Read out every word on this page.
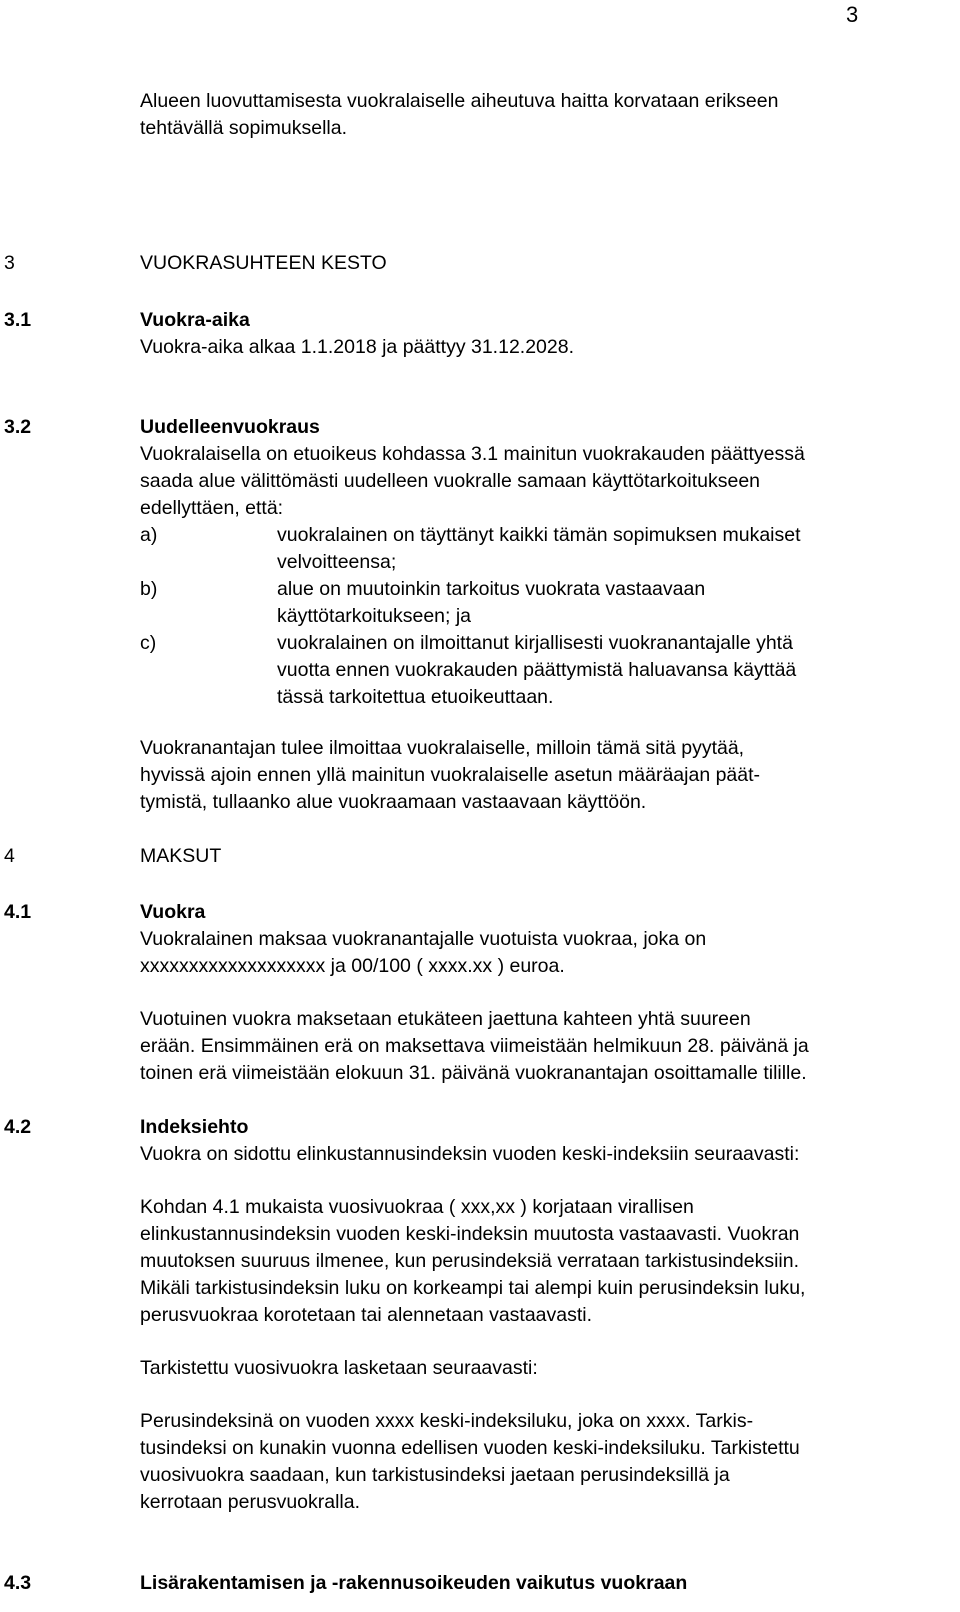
3
Alueen luovuttamisesta vuokralaiselle aiheutuva haitta korvataan erikseen
tehtävällä sopimuksella.
3	VUOKRASUHTEEN KESTO
3.1	Vuokra-aika
Vuokra-aika alkaa 1.1.2018 ja päättyy 31.12.2028.
3.2	Uudelleenvuokraus
Vuokralaisella on etuoikeus kohdassa 3.1 mainitun vuokrakauden päättyessä
saada alue välittömästi uudelleen vuokralle samaan käyttötarkoitukseen
edellyttäen, että:
a)	vuokralainen on täyttänyt kaikki tämän sopimuksen mukaiset
velvoitteensa;
b)	alue on muutoinkin tarkoitus vuokrata vastaavaan
käyttötarkoitukseen; ja
c)	vuokralainen on ilmoittanut kirjallisesti vuokranantajalle yhtä
vuotta ennen vuokrakauden päättymistä haluavansa käyttää
tässä tarkoitettua etuoikeuttaan.
Vuokranantajan tulee ilmoittaa vuokralaiselle, milloin tämä sitä pyytää,
hyvissä ajoin ennen yllä mainitun vuokralaiselle asetun määräajan päät-
tymistä, tullaanko alue vuokraamaan vastaavaan käyttöön.
4	MAKSUT
4.1	Vuokra
Vuokralainen maksaa vuokranantajalle vuotuista vuokraa, joka on
xxxxxxxxxxxxxxxxxxx ja 00/100 ( xxxx.xx ) euroa.
Vuotuinen vuokra maksetaan etukäteen jaettuna kahteen yhtä suureen
erään. Ensimmäinen erä on maksettava viimeistään helmikuun 28. päivänä ja
toinen erä viimeistään elokuun 31. päivänä vuokranantajan osoittamalle tilille.
4.2	Indeksiehto
Vuokra on sidottu elinkustannusindeksin vuoden keski-indeksiin seuraavasti:
Kohdan 4.1 mukaista vuosivuokraa ( xxx,xx ) korjataan virallisen
elinkustannusindeksin vuoden keski-indeksin muutosta vastaavasti. Vuokran
muutoksen suuruus ilmenee, kun perusindeksiä verrataan tarkistusindeksiin.
Mikäli tarkistusindeksin luku on korkeampi tai alempi kuin perusindeksin luku,
perusvuokraa korotetaan tai alennetaan vastaavasti.
Tarkistettu vuosivuokra lasketaan seuraavasti:
Perusindeksinä on vuoden xxxx keski-indeksiluku, joka on xxxx. Tarkis-
tusindeksi on kunakin vuonna edellisen vuoden keski-indeksiluku. Tarkistettu
vuosivuokra saadaan, kun tarkistusindeksi jaetaan perusindeksillä ja
kerrotaan perusvuokralla.
4.3	Lisärakentamisen ja -rakennusoikeuden vaikutus vuokraan
